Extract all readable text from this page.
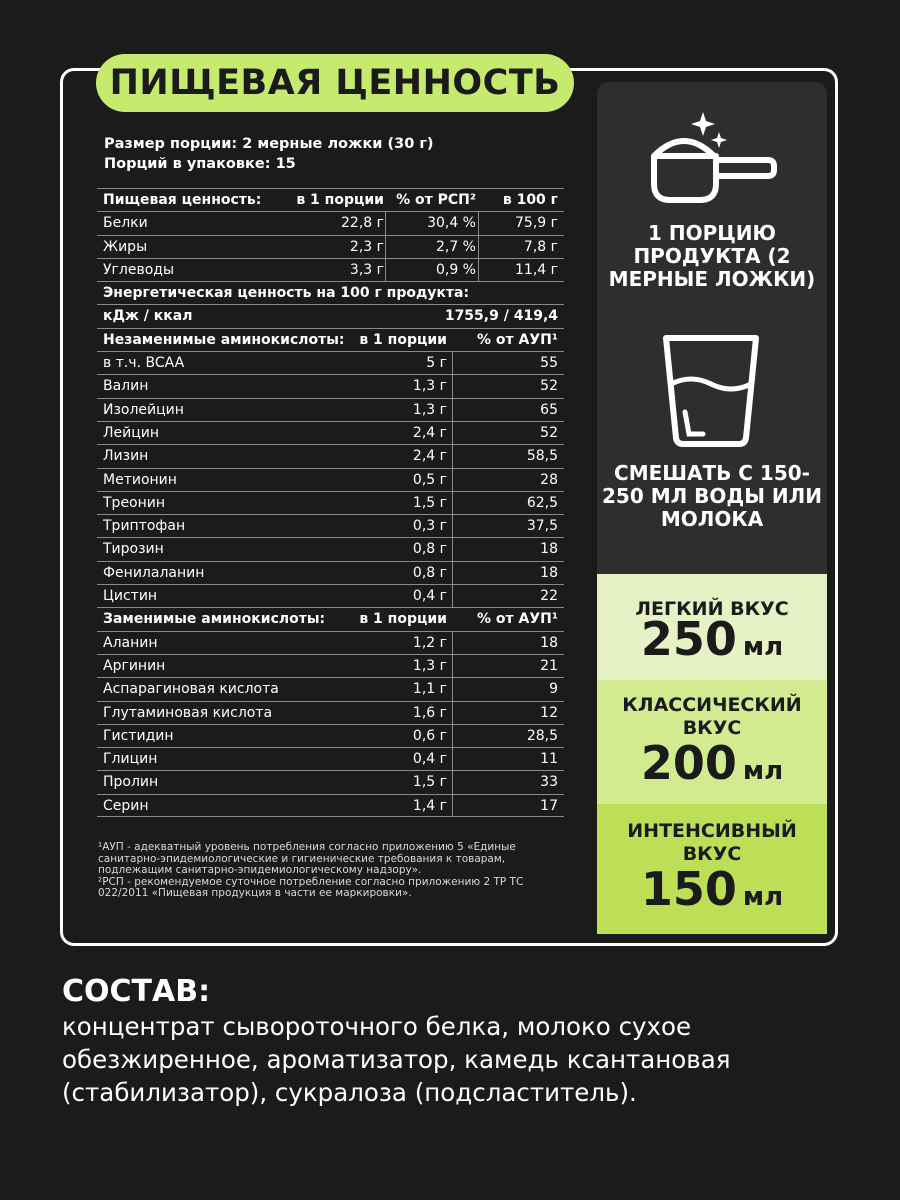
ПИЩЕВАЯ ЦЕННОСТЬ
Размер порции: 2 мерные ложки (30 г)
Порций в упаковке: 15
Пищевая ценность: в 1 порции % от РСП² в 100 г
Белки	22,8 г	30,4 %	75,9 г
Жиры	2,3 г	2,7 %	7,8 г
Углеводы	3,3 г	0,9 %	11,4 г
Энергетическая ценность на 100 г продукта:
кДж / ккал	1755,9 / 419,4
Незаменимые аминокислоты: в 1 порции % от АУП¹
в т.ч. BCAA	5 г	55
Валин	1,3 г	52
Изолейцин	1,3 г	65
Лейцин	2,4 г	52
Лизин	2,4 г	58,5
Метионин	0,5 г	28
Треонин	1,5 г	62,5
Триптофан	0,3 г	37,5
Тирозин	0,8 г	18
Фенилаланин	0,8 г	18
Цистин	0,4 г	22
Заменимые аминокислоты: в 1 порции % от АУП¹
Аланин	1,2 г	18
Аргинин	1,3 г	21
Аспарагиновая кислота	1,1 г	9
Глутаминовая кислота	1,6 г	12
Гистидин	0,6 г	28,5
Глицин	0,4 г	11
Пролин	1,5 г	33
Серин	1,4 г	17
¹АУП - адекватный уровень потребления согласно приложению 5 «Единые санитарно-эпидемиологические и гигиенические требования к товарам, подлежащим санитарно-эпидемиологическому надзору».
²РСП - рекомендуемое суточное потребление согласно приложению 2 ТР ТС 022/2011 «Пищевая продукция в части ее маркировки».
1 ПОРЦИЮ ПРОДУКТА (2 МЕРНЫЕ ЛОЖКИ)
СМЕШАТЬ С 150-250 МЛ ВОДЫ ИЛИ МОЛОКА
ЛЕГКИЙ ВКУС
250 мл
КЛАССИЧЕСКИЙ ВКУС
200 мл
ИНТЕНСИВНЫЙ ВКУС
150 мл
СОСТАВ:
концентрат сывороточного белка, молоко сухое обезжиренное, ароматизатор, камедь ксантановая (стабилизатор), сукралоза (подсластитель).
